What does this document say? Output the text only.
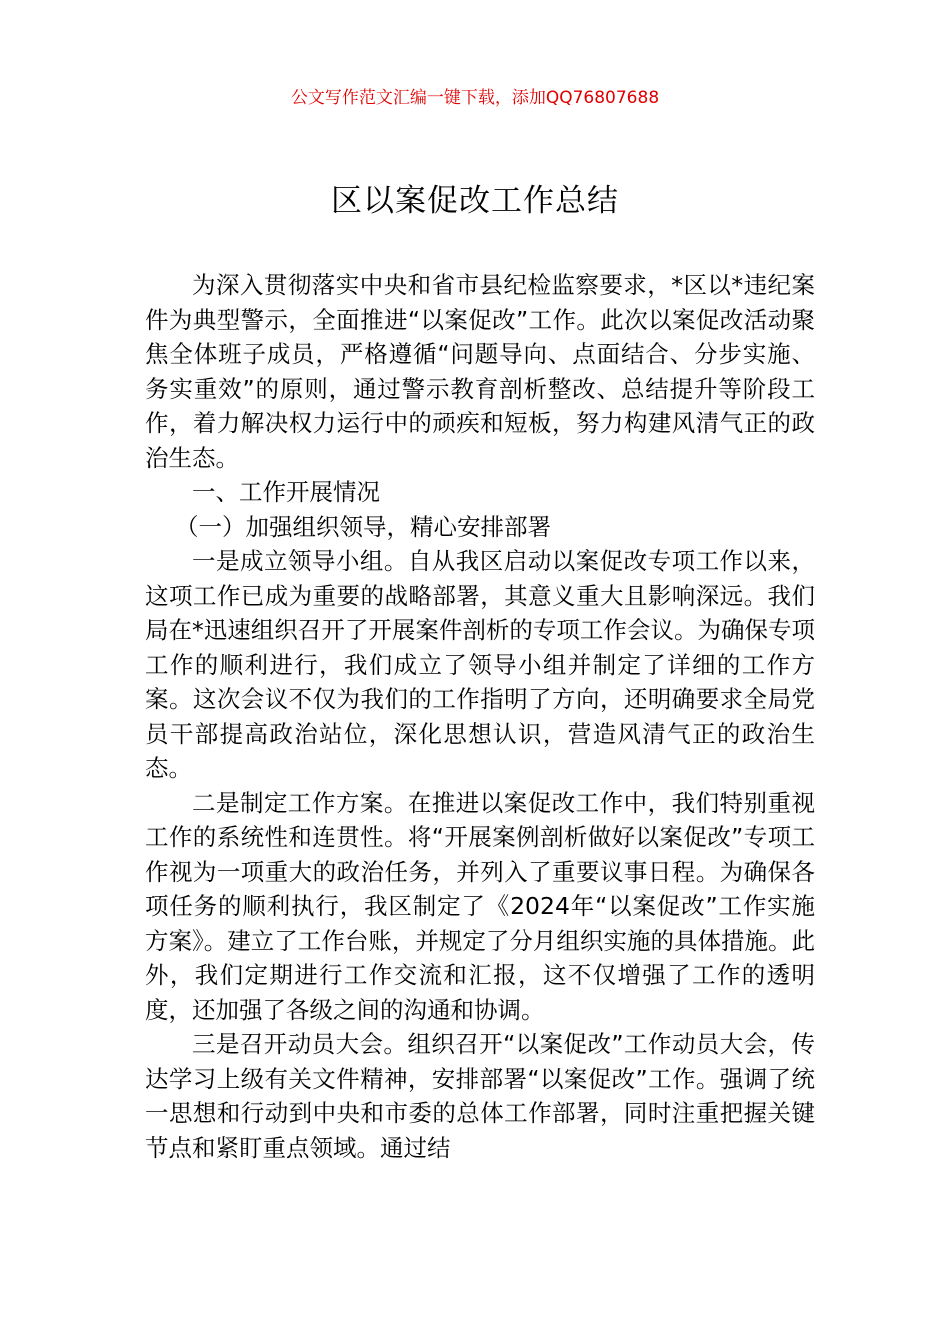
公文写作范文汇编一键下载，添加QQ76807688
区以案促改工作总结

为深入贯彻落实中央和省市县纪检监察要求，*区以*违纪案件为典型警示，全面推进“以案促改”工作。此次以案促改活动聚焦全体班子成员，严格遵循“问题导向、点面结合、分步实施、务实重效”的原则，通过警示教育剖析整改、总结提升等阶段工作，着力解决权力运行中的顽疾和短板，努力构建风清气正的政治生态。

一、工作开展情况

（一）加强组织领导，精心安排部署

一是成立领导小组。自从我区启动以案促改专项工作以来，这项工作已成为重要的战略部署，其意义重大且影响深远。我们局在*迅速组织召开了开展案件剖析的专项工作会议。为确保专项工作的顺利进行，我们成立了领导小组并制定了详细的工作方案。这次会议不仅为我们的工作指明了方向，还明确要求全局党员干部提高政治站位，深化思想认识，营造风清气正的政治生态。

二是制定工作方案。在推进以案促改工作中，我们特别重视工作的系统性和连贯性。将“开展案例剖析做好以案促改”专项工作视为一项重大的政治任务，并列入了重要议事日程。为确保各项任务的顺利执行，我区制定了《2024年“以案促改”工作实施方案》。建立了工作台账，并规定了分月组织实施的具体措施。此外，我们定期进行工作交流和汇报，这不仅增强了工作的透明度，还加强了各级之间的沟通和协调。

三是召开动员大会。组织召开“以案促改”工作动员大会，传达学习上级有关文件精神，安排部署“以案促改”工作。强调了统一思想和行动到中央和市委的总体工作部署，同时注重把握关键节点和紧盯重点领域。通过结
